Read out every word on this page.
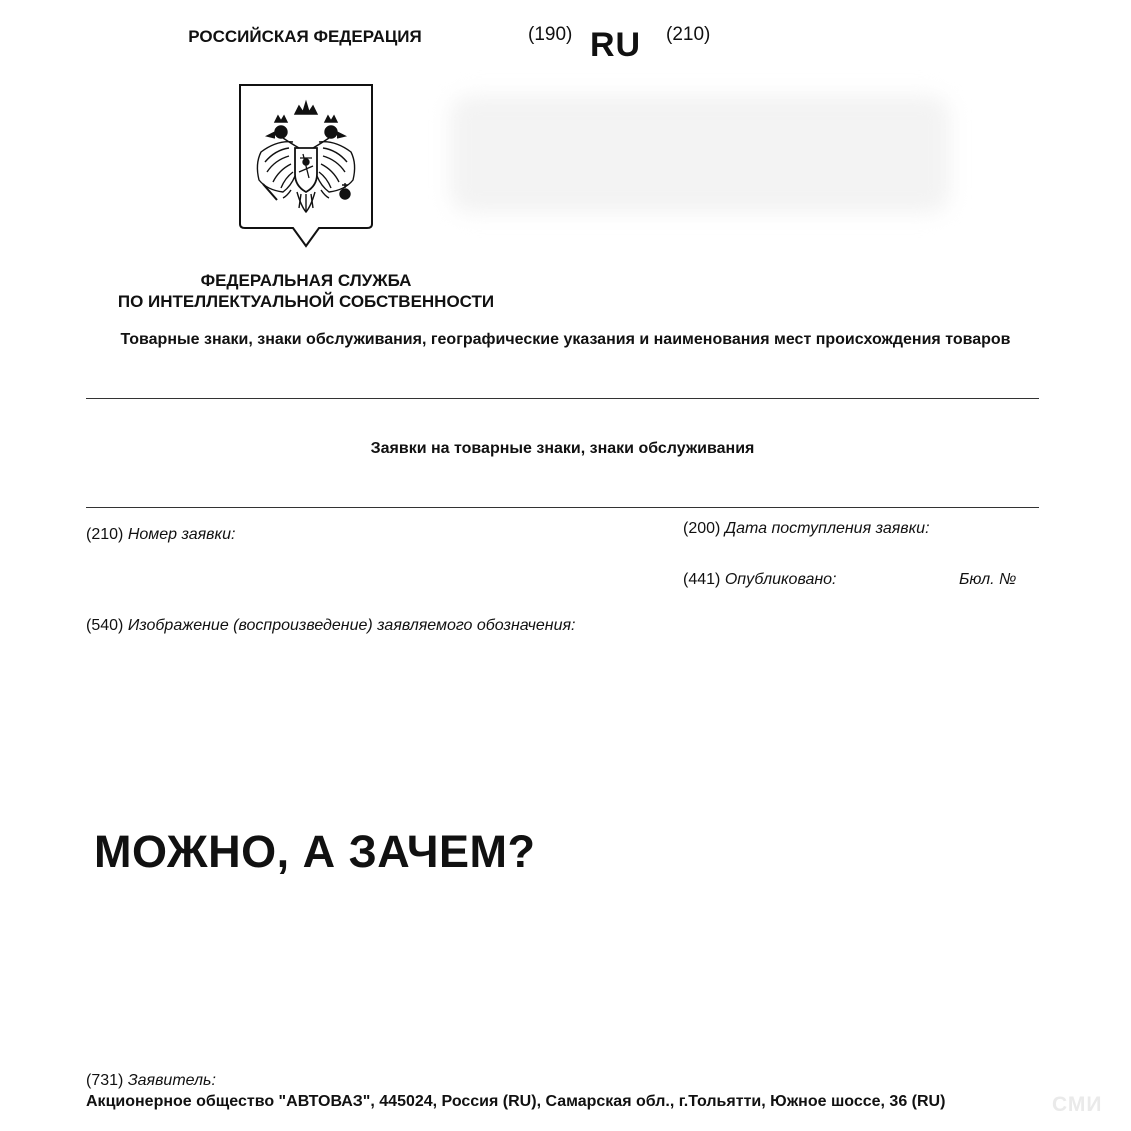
РОССИЙСКАЯ ФЕДЕРАЦИЯ	(190) RU (210)
ФЕДЕРАЛЬНАЯ СЛУЖБА
ПО ИНТЕЛЛЕКТУАЛЬНОЙ СОБСТВЕННОСТИ
Товарные знаки, знаки обслуживания, географические указания и наименования мест происхождения товаров
Заявки на товарные знаки, знаки обслуживания
(210) Номер заявки:	(200) Дата поступления заявки:
(441) Опубликовано:	Бюл. №
(540) Изображение (воспроизведение) заявляемого обозначения:
МОЖНО, А ЗАЧЕМ?
(731) Заявитель:
Акционерное общество "АВТОВАЗ", 445024, Россия (RU), Самарская обл., г.Тольятти, Южное шоссе, 36 (RU)	СМИ
